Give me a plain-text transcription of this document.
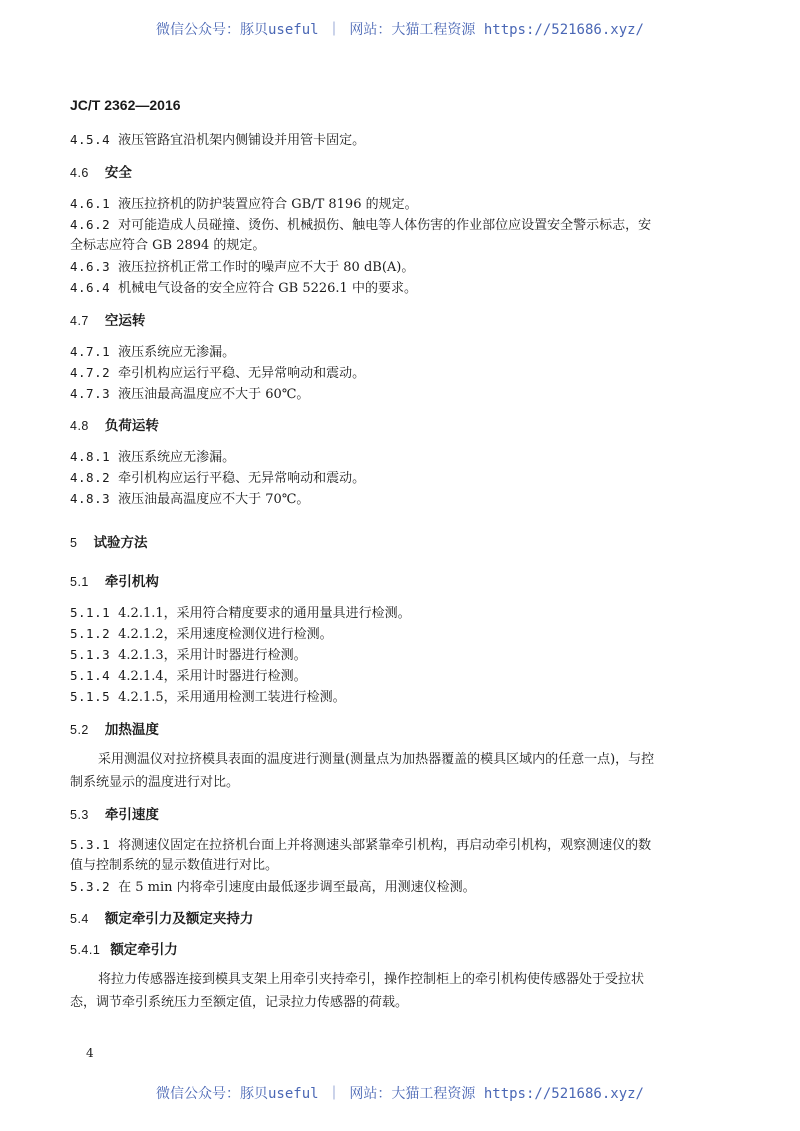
微信公众号：豚贝useful ｜ 网站：大猫工程资源 https://521686.xyz/
JC/T 2362—2016
4.5.4 液压管路宜沿机架内侧铺设并用管卡固定。
4.6 安全
4.6.1 液压拉挤机的防护装置应符合 GB/T 8196 的规定。
4.6.2 对可能造成人员碰撞、烫伤、机械损伤、触电等人体伤害的作业部位应设置安全警示标志，安
全标志应符合 GB 2894 的规定。
4.6.3 液压拉挤机正常工作时的噪声应不大于 80 dB(A)。
4.6.4 机械电气设备的安全应符合 GB 5226.1 中的要求。
4.7 空运转
4.7.1 液压系统应无渗漏。
4.7.2 牵引机构应运行平稳、无异常响动和震动。
4.7.3 液压油最高温度应不大于 60℃。
4.8 负荷运转
4.8.1 液压系统应无渗漏。
4.8.2 牵引机构应运行平稳、无异常响动和震动。
4.8.3 液压油最高温度应不大于 70℃。
5 试验方法
5.1 牵引机构
5.1.1 4.2.1.1，采用符合精度要求的通用量具进行检测。
5.1.2 4.2.1.2，采用速度检测仪进行检测。
5.1.3 4.2.1.3，采用计时器进行检测。
5.1.4 4.2.1.4，采用计时器进行检测。
5.1.5 4.2.1.5，采用通用检测工装进行检测。
5.2 加热温度
采用测温仪对拉挤模具表面的温度进行测量(测量点为加热器覆盖的模具区域内的任意一点)，与控
制系统显示的温度进行对比。
5.3 牵引速度
5.3.1 将测速仪固定在拉挤机台面上并将测速头部紧靠牵引机构，再启动牵引机构，观察测速仪的数
值与控制系统的显示数值进行对比。
5.3.2 在 5 min 内将牵引速度由最低逐步调至最高，用测速仪检测。
5.4 额定牵引力及额定夹持力
5.4.1 额定牵引力
将拉力传感器连接到模具支架上用牵引夹持牵引，操作控制柜上的牵引机构使传感器处于受拉状
态，调节牵引系统压力至额定值，记录拉力传感器的荷载。
4
微信公众号：豚贝useful ｜ 网站：大猫工程资源 https://521686.xyz/
